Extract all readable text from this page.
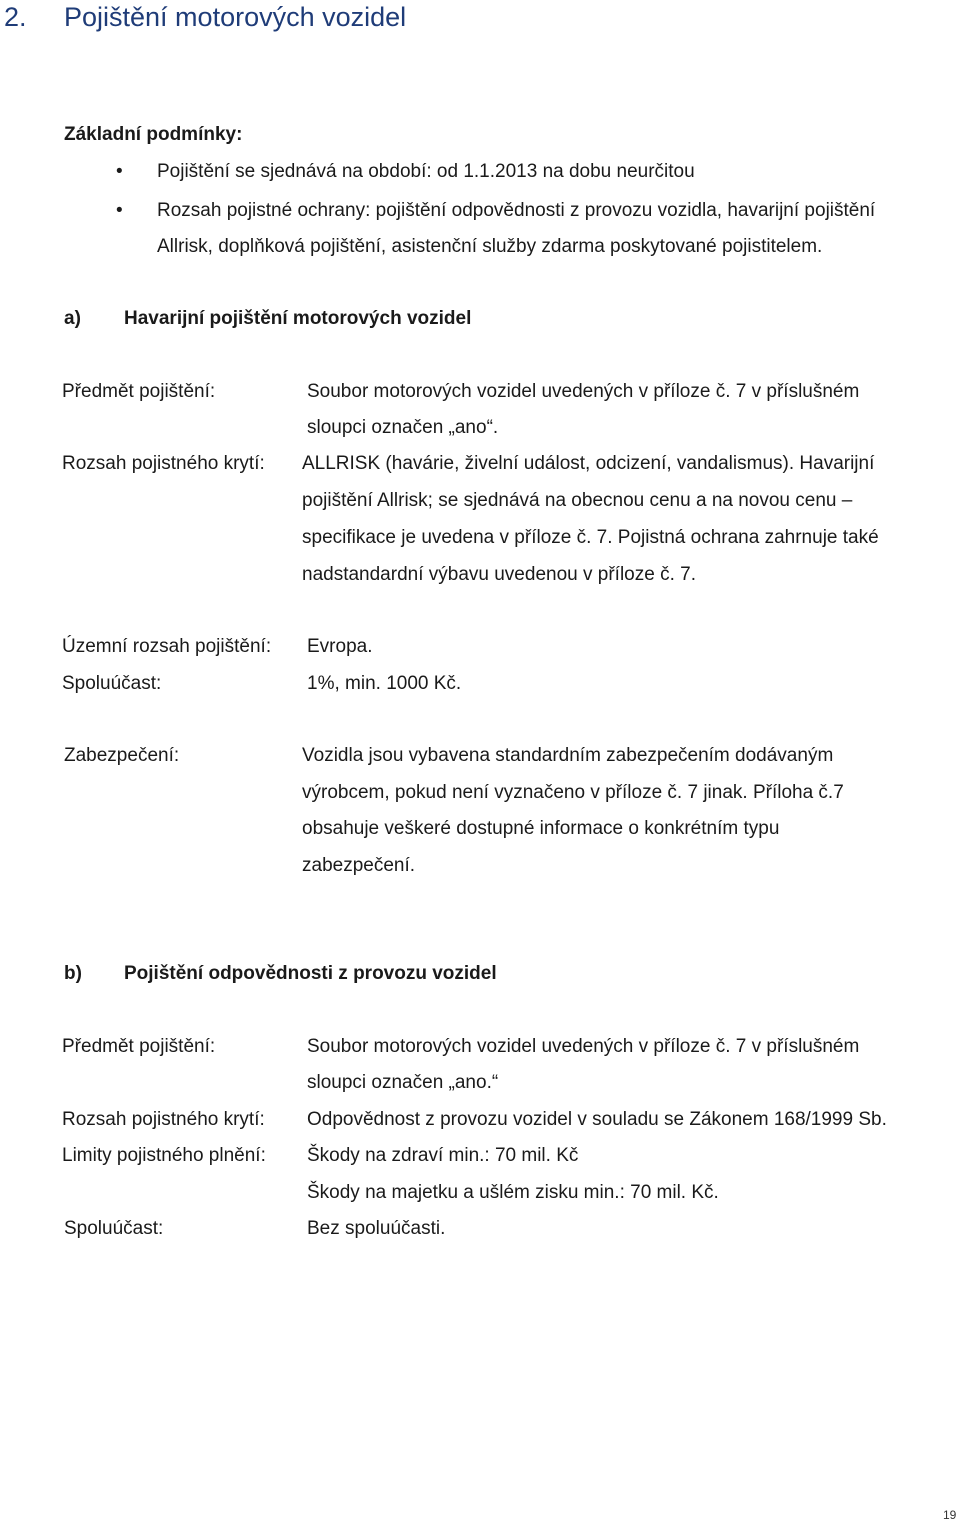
2. Pojištění motorových vozidel
Základní podmínky:
• Pojištění se sjednává na období: od 1.1.2013 na dobu neurčitou
• Rozsah pojistné ochrany: pojištění odpovědnosti z provozu vozidla, havarijní pojištění
Allrisk, doplňková pojištění, asistenční služby zdarma poskytované pojistitelem.
a) Havarijní pojištění motorových vozidel
Předmět pojištění:	Soubor motorových vozidel uvedených v příloze č. 7 v příslušném
sloupci označen „ano“.
Rozsah pojistného krytí: ALLRISK (havárie, živelní událost, odcizení, vandalismus). Havarijní
pojištění Allrisk; se sjednává na obecnou cenu a na novou cenu –
specifikace je uvedena v příloze č. 7. Pojistná ochrana zahrnuje také
nadstandardní výbavu uvedenou v příloze č. 7.
Územní rozsah pojištění: Evropa.
Spoluúčast:	1%, min. 1000 Kč.
Zabezpečení:	Vozidla jsou vybavena standardním zabezpečením dodávaným
výrobcem, pokud není vyznačeno v příloze č. 7 jinak. Příloha č.7
obsahuje veškeré dostupné informace o konkrétním typu
zabezpečení.
b) Pojištění odpovědnosti z provozu vozidel
Předmět pojištění:	Soubor motorových vozidel uvedených v příloze č. 7 v příslušném
sloupci označen „ano.“
Rozsah pojistného krytí: Odpovědnost z provozu vozidel v souladu se Zákonem 168/1999 Sb.
Limity pojistného plnění: Škody na zdraví min.: 70 mil. Kč
Škody na majetku a ušlém zisku min.: 70 mil. Kč.
Spoluúčast:	Bez spoluúčasti.
19
